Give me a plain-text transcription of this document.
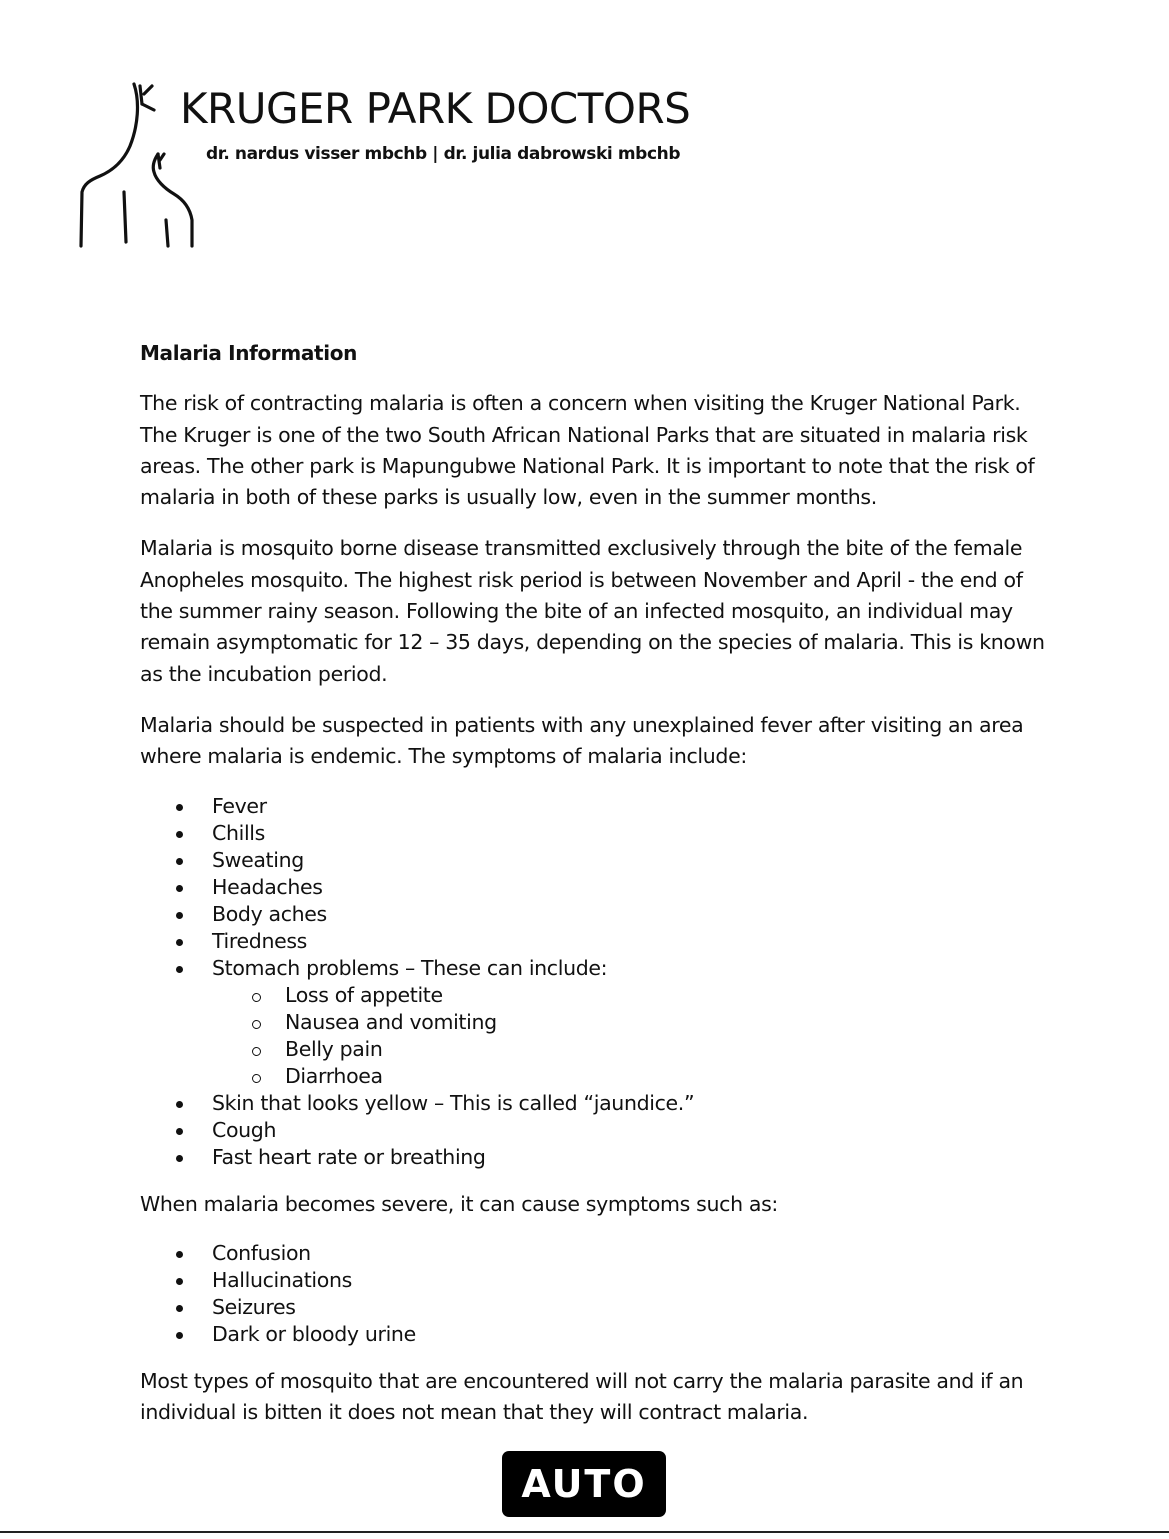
KRUGER PARK DOCTORS
dr. nardus visser mbchb | dr. julia dabrowski mbchb
Malaria Information

The risk of contracting malaria is often a concern when visiting the Kruger National Park. The Kruger is one of the two South African National Parks that are situated in malaria risk areas. The other park is Mapungubwe National Park. It is important to note that the risk of malaria in both of these parks is usually low, even in the summer months.

Malaria is mosquito borne disease transmitted exclusively through the bite of the female Anopheles mosquito. The highest risk period is between November and April - the end of the summer rainy season. Following the bite of an infected mosquito, an individual may remain asymptomatic for 12 – 35 days, depending on the species of malaria. This is known as the incubation period.

Malaria should be suspected in patients with any unexplained fever after visiting an area where malaria is endemic. The symptoms of malaria include:

Fever
Chills
Sweating
Headaches
Body aches
Tiredness
Stomach problems – These can include:
Loss of appetite
Nausea and vomiting
Belly pain
Diarrhoea
Skin that looks yellow – This is called “jaundice.”
Cough
Fast heart rate or breathing

When malaria becomes severe, it can cause symptoms such as:

Confusion
Hallucinations
Seizures
Dark or bloody urine

Most types of mosquito that are encountered will not carry the malaria parasite and if an individual is bitten it does not mean that they will contract malaria.

AUTO
